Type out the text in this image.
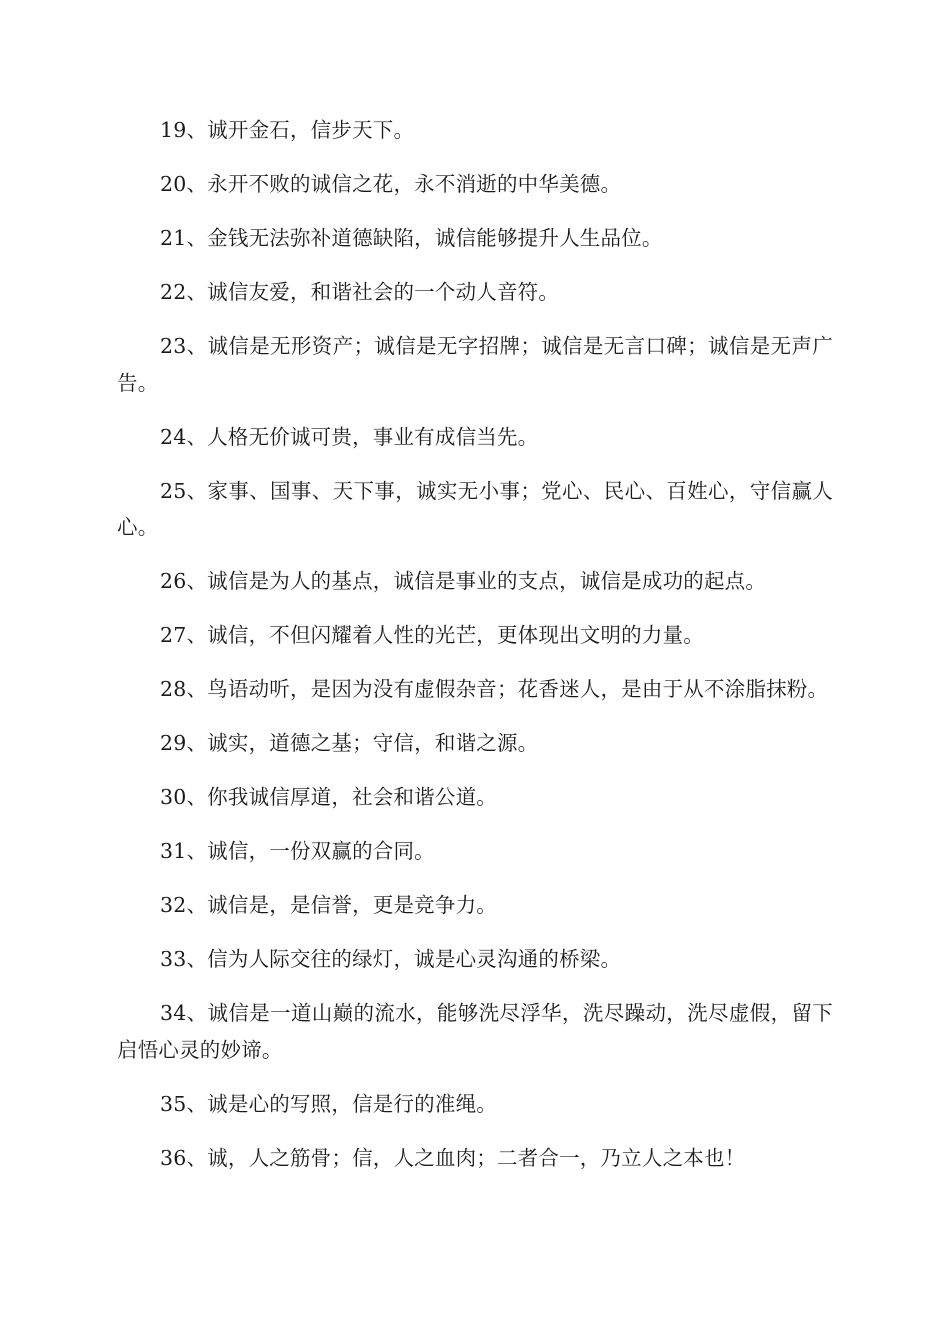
19、诚开金石，信步天下。

20、永开不败的诚信之花，永不消逝的中华美德。

21、金钱无法弥补道德缺陷，诚信能够提升人生品位。

22、诚信友爱，和谐社会的一个动人音符。

23、诚信是无形资产；诚信是无字招牌；诚信是无言口碑；诚信是无声广告。

24、人格无价诚可贵，事业有成信当先。

25、家事、国事、天下事，诚实无小事；党心、民心、百姓心，守信赢人心。

26、诚信是为人的基点，诚信是事业的支点，诚信是成功的起点。

27、诚信，不但闪耀着人性的光芒，更体现出文明的力量。

28、鸟语动听，是因为没有虚假杂音；花香迷人，是由于从不涂脂抹粉。

29、诚实，道德之基；守信，和谐之源。

30、你我诚信厚道，社会和谐公道。

31、诚信，一份双赢的合同。

32、诚信是，是信誉，更是竞争力。

33、信为人际交往的绿灯，诚是心灵沟通的桥梁。

34、诚信是一道山巅的流水，能够洗尽浮华，洗尽躁动，洗尽虚假，留下启悟心灵的妙谛。

35、诚是心的写照，信是行的准绳。

36、诚，人之筋骨；信，人之血肉；二者合一，乃立人之本也！
